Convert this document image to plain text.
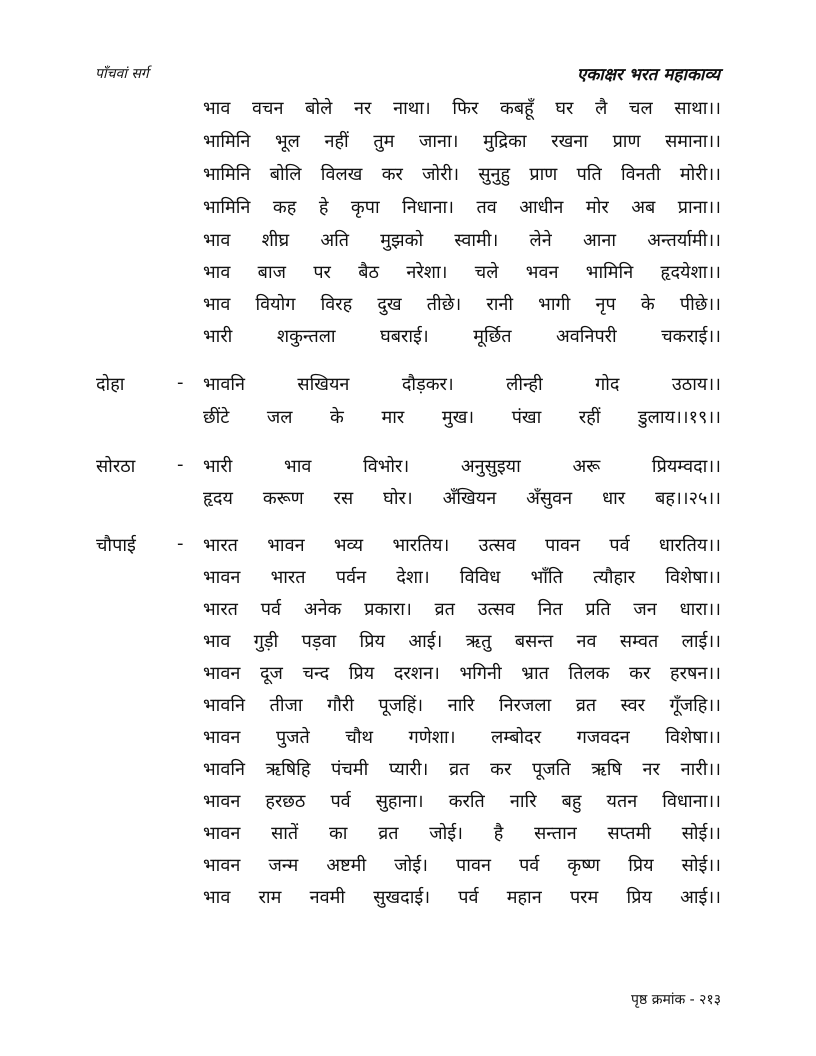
पाँचवां सर्ग	एकाक्षर भरत महाकाव्य
भाव वचन बोले नर नाथा। फिर कबहूँ घर लै चल साथा।।
भामिनि भूल नहीं तुम जाना। मुद्रिका रखना प्राण समाना।।
भामिनि बोलि विलख कर जोरी। सुनुहु प्राण पति विनती मोरी।।
भामिनि कह हे कृपा निधाना। तव आधीन मोर अब प्राना।।
भाव शीघ्र अति मुझको स्वामी। लेने आना अन्तर्यामी।।
भाव बाज पर बैठ नरेशा। चले भवन भामिनि हृदयेशा।।
भाव वियोग विरह दुख तीछे। रानी भागी नृप के पीछे।।
भारी शकुन्तला घबराई। मूर्छित अवनिपरी चकराई।।
दोहा	- भावनि सखियन दौड़कर। लीन्ही गोद उठाय।।
छींटे जल के मार मुख। पंखा रहीं डुलाय।।१९।।
सोरठा - भारी भाव विभोर। अनुसुइया अरू प्रियम्वदा।।
हृदय करूण रस घोर। अँखियन अँसुवन धार बह।।२५।।
चौपाई - भारत भावन भव्य भारतिय। उत्सव पावन पर्व धारतिय।।
भावन भारत पर्वन देशा। विविध भाँति त्यौहार विशेषा।।
भारत पर्व अनेक प्रकारा। व्रत उत्सव नित प्रति जन धारा।।
भाव गुड़ी पड़वा प्रिय आई। ऋतु बसन्त नव सम्वत लाई।।
भावन दूज चन्द प्रिय दरशन। भगिनी भ्रात तिलक कर हरषन।।
भावनि तीजा गौरी पूजहिं। नारि निरजला व्रत स्वर गूँजहि।।
भावन पुजते चौथ गणेशा। लम्बोदर गजवदन विशेषा।।
भावनि ऋषिहि पंचमी प्यारी। व्रत कर पूजति ऋषि नर नारी।।
भावन हरछठ पर्व सुहाना। करति नारि बहु यतन विधाना।।
भावन सातें का व्रत जोई। है सन्तान सप्तमी सोई।।
भावन जन्म अष्टमी जोई। पावन पर्व कृष्ण प्रिय सोई।।
भाव राम नवमी सुखदाई। पर्व महान परम प्रिय आई।।
पृष्ठ क्रमांक - २१३
